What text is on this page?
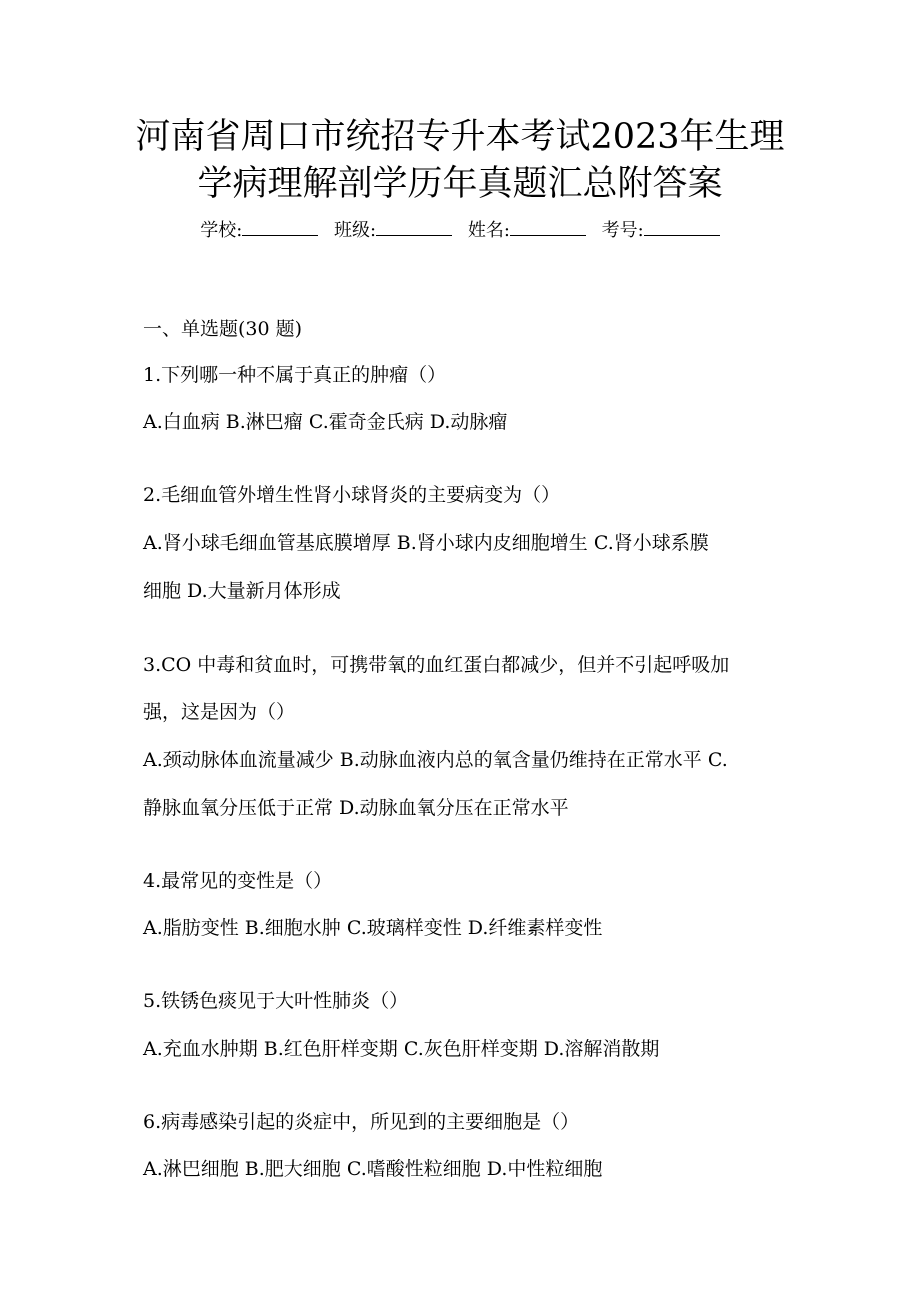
河南省周口市统招专升本考试2023年生理
学病理解剖学历年真题汇总附答案
学校:	班级:	姓名:	考号:
一、单选题(30 题)
1.下列哪一种不属于真正的肿瘤（）
A.白血病 B.淋巴瘤 C.霍奇金氏病 D.动脉瘤
2.毛细血管外增生性肾小球肾炎的主要病变为（）
A.肾小球毛细血管基底膜增厚 B.肾小球内皮细胞增生 C.肾小球系膜
细胞 D.大量新月体形成
3.CO 中毒和贫血时，可携带氧的血红蛋白都减少，但并不引起呼吸加
强，这是因为（）
A.颈动脉体血流量减少 B.动脉血液内总的氧含量仍维持在正常水平 C.
静脉血氧分压低于正常 D.动脉血氧分压在正常水平
4.最常见的变性是（）
A.脂肪变性 B.细胞水肿 C.玻璃样变性 D.纤维素样变性
5.铁锈色痰见于大叶性肺炎（）
A.充血水肿期 B.红色肝样变期 C.灰色肝样变期 D.溶解消散期
6.病毒感染引起的炎症中，所见到的主要细胞是（）
A.淋巴细胞 B.肥大细胞 C.嗜酸性粒细胞 D.中性粒细胞
